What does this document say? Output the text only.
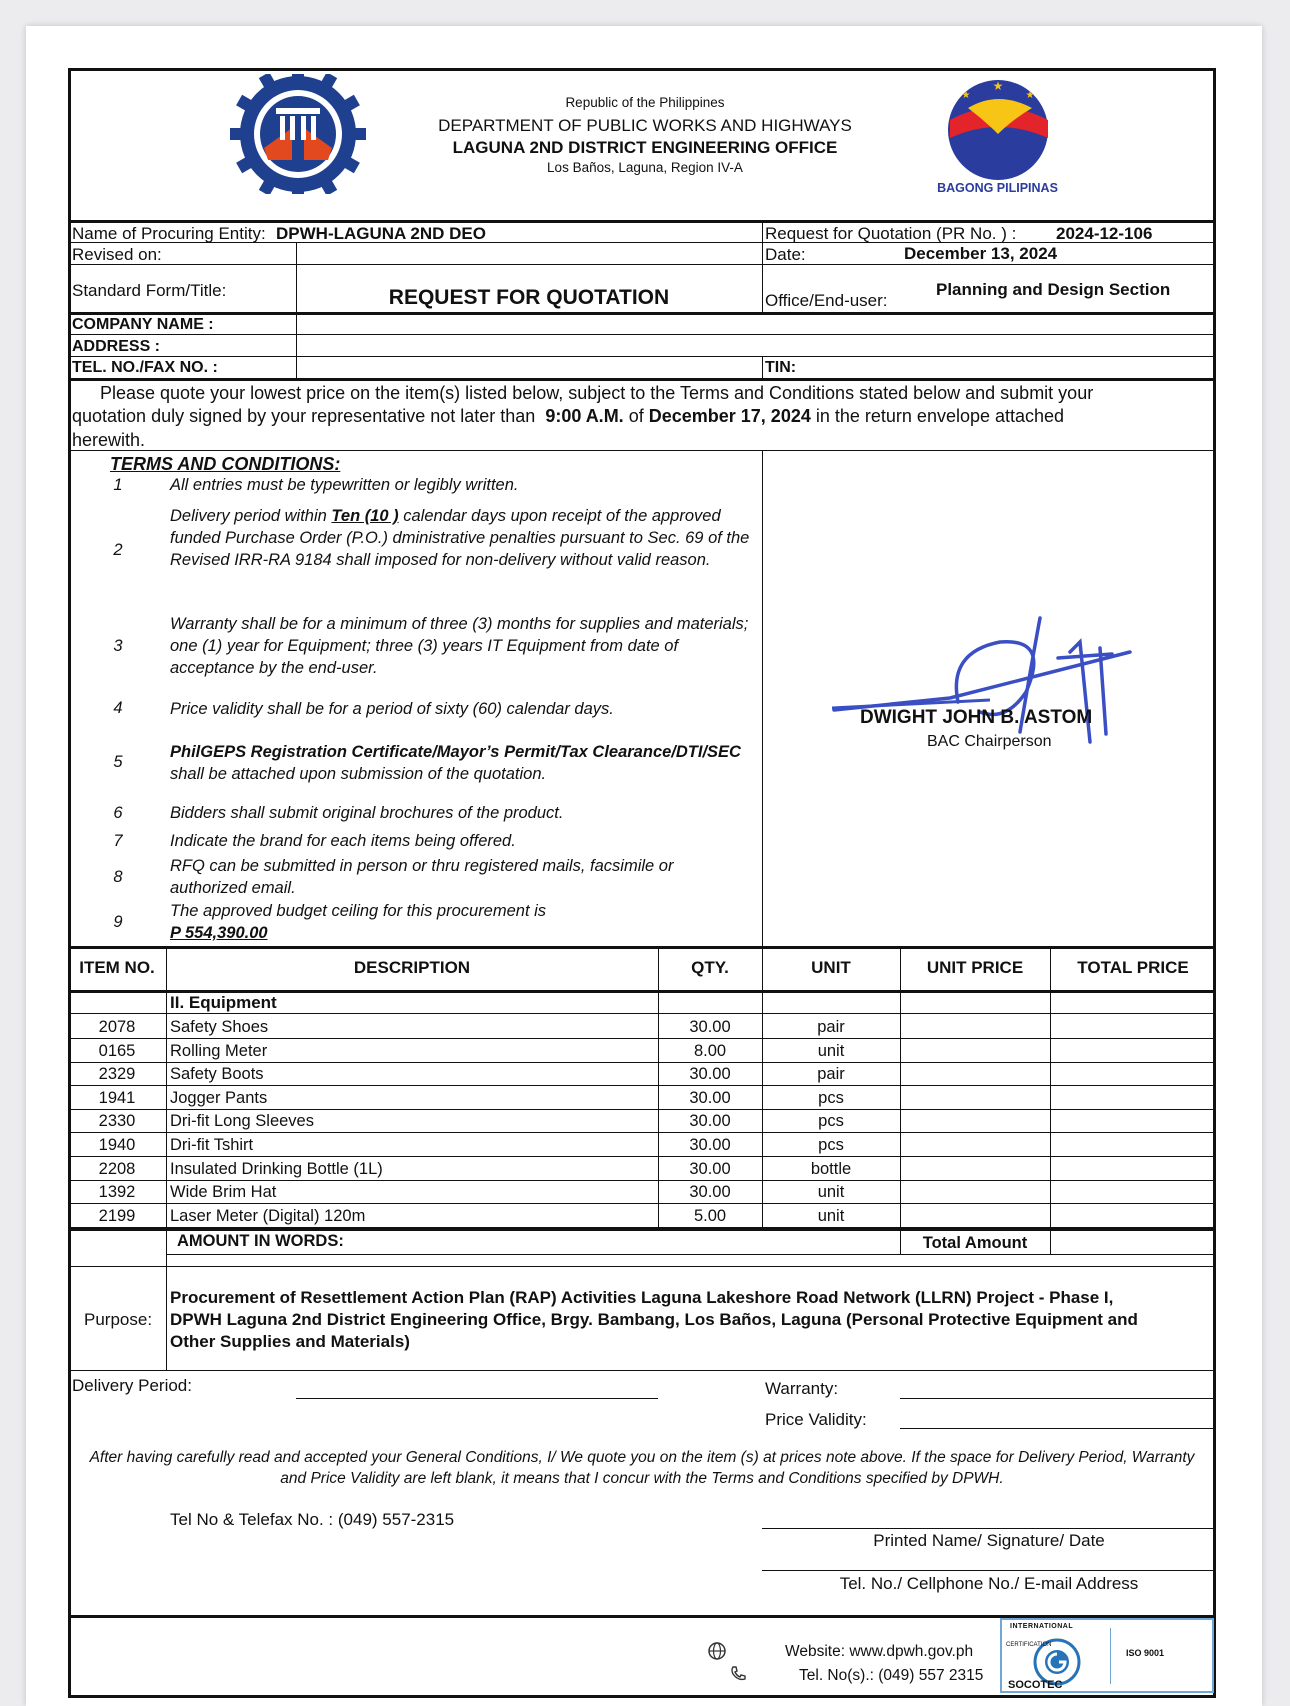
Republic of the Philippines
DEPARTMENT OF PUBLIC WORKS AND HIGHWAYS
LAGUNA 2ND DISTRICT ENGINEERING OFFICE
Los Baños, Laguna, Region IV-A
★
★	★
BAGONG PILIPINAS
Name of Procuring Entity: DPWH-LAGUNA 2ND DEO	Request for Quotation (PR No. ) : 2024-12-106
Revised on:	Date:	December 13, 2024
Standard Form/Title:	REQUEST FOR QUOTATION	Office/End-user:
Planning and Design Section
COMPANY NAME :
ADDRESS :
TEL. NO./FAX NO. :	TIN:
Please quote your lowest price on the item(s) listed below, subject to the Terms and Conditions stated below and submit your
quotation duly signed by your representative not later than 9:00 A.M. of December 17, 2024 in the return envelope attached
herewith.
TERMS AND CONDITIONS:
1	All entries must be typewritten or legibly written.
2
Delivery period within Ten (10 ) calendar days upon receipt of the approved funded Purchase Order (P.O.) dministrative penalties pursuant to Sec. 69 of the Revised IRR-RA 9184 shall imposed for non-delivery without valid reason.
3
Warranty shall be for a minimum of three (3) months for supplies and materials; one (1) year for Equipment; three (3) years IT Equipment from date of acceptance by the end-user.
4	Price validity shall be for a period of sixty (60) calendar days.
5
PhilGEPS Registration Certificate/Mayor’s Permit/Tax Clearance/DTI/SEC  shall be attached upon submission of the quotation.
6	Bidders shall submit original brochures of the product.
7	Indicate the brand for each items being offered.
8
RFQ can be submitted in person or thru registered mails, facsimile or authorized email.
9
The approved budget ceiling for this procurement is
P 554,390.00
DWIGHT JOHN B. ASTOM
BAC Chairperson
ITEM NO.	DESCRIPTION	QTY.	UNIT	UNIT PRICE	TOTAL PRICE
II. Equipment
2078	Safety Shoes	30.00	pair
0165	Rolling Meter	8.00	unit
2329	Safety Boots	30.00	pair
1941	Jogger Pants	30.00	pcs
2330	Dri-fit Long Sleeves	30.00	pcs
1940	Dri-fit Tshirt	30.00	pcs
2208	Insulated Drinking Bottle (1L)	30.00	bottle
1392	Wide Brim Hat	30.00	unit
2199	Laser Meter (Digital) 120m	5.00	unit
AMOUNT IN WORDS:	Total Amount
Purpose:
Procurement of Resettlement Action Plan (RAP) Activities Laguna Lakeshore Road Network (LLRN) Project - Phase I,
DPWH Laguna 2nd District Engineering Office, Brgy. Bambang, Los Baños, Laguna (Personal Protective Equipment and
Other Supplies and Materials)
Delivery Period:	Warranty:
Price Validity:
After having carefully read and accepted your General Conditions, I/ We quote you on the item (s) at prices note above. If the space for Delivery Period, Warranty
and Price Validity are left blank, it means that I concur with the Terms and Conditions specified by DPWH.
Tel No & Telefax No. : (049) 557-2315
Printed Name/ Signature/ Date
Tel. No./ Cellphone No./ E-mail Address
Website: www.dpwh.gov.ph
Tel. No(s).: (049) 557 2315
INTERNATIONAL
SOCOTEC
CERTIFICATION
ISO 9001
